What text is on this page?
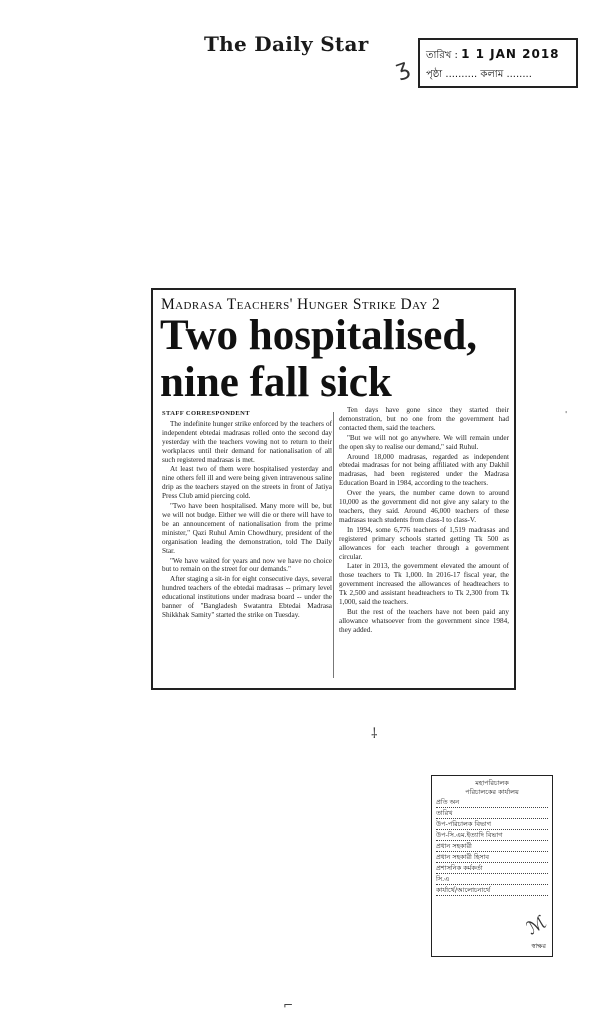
The Daily Star
ʒ তারিখ : 1 1 JAN 2018
পৃষ্ঠা .......... কলাম ........
Madrasa Teachers' Hunger Strike Day 2
Two hospitalised,
nine fall sick

STAFF CORRESPONDENT

The indefinite hunger strike enforced by the teachers of independent ebtedai madrasas rolled onto the second day yesterday with the teachers vowing not to return to their workplaces until their demand for nationalisation of all such registered madrasas is met.

At least two of them were hospitalised yesterday and nine others fell ill and were being given intravenous saline drip as the teachers stayed on the streets in front of Jatiya Press Club amid piercing cold.

"Two have been hospitalised. Many more will be, but we will not budge. Either we will die or there will have to be an announcement of nationalisation from the prime minister," Qazi Ruhul Amin Chowdhury, president of the organisation leading the demonstration, told The Daily Star.

"We have waited for years and now we have no choice but to remain on the street for our demands."

After staging a sit-in for eight consecutive days, several hundred teachers of the ebtedai madrasas -- primary level educational institutions under madrasa board -- under the banner of "Bangladesh Swatantra Ebtedai Madrasa Shikkhak Samity" started the strike on Tuesday.

Ten days have gone since they started their demonstration, but no one from the government had contacted them, said the teachers.

"But we will not go anywhere. We will remain under the open sky to realise our demand," said Ruhul.

Around 18,000 madrasas, regarded as independent ebtedai madrasas for not being affiliated with any Dakhil madrasas, had been registered under the Madrasa Education Board in 1984, according to the teachers.

Over the years, the number came down to around 10,000 as the government did not give any salary to the teachers, they said. Around 46,000 teachers of these madrasas teach students from class-I to class-V.

In 1994, some 6,776 teachers of 1,519 madrasas and registered primary schools started getting Tk 500 as allowances for each teacher through a government circular.

Later in 2013, the government elevated the amount of those teachers to Tk 1,000. In 2016-17 fiscal year, the government increased the allowances of headteachers to Tk 2,500 and assistant headteachers to Tk 2,300 from Tk 1,000, said the teachers.

But the rest of the teachers have not been paid any allowance whatsoever from the government since 1984, they added.

⸸
'
⌐
মহাপরিচালক
পরিচালকের কার্যালয়
প্রতি অন
তারিখ
উপ-পরিচালক বিভাগ
উপ-সি.এম.ইত্যাদি বিভাগ
প্রধান সহকারী
প্রধান সহকারী হিসাব
প্রশাসনিক কর্মকর্তা
সি.এ
কার্যার্থে/আলোচনার্থে
স্বাক্ষর
ℳ
